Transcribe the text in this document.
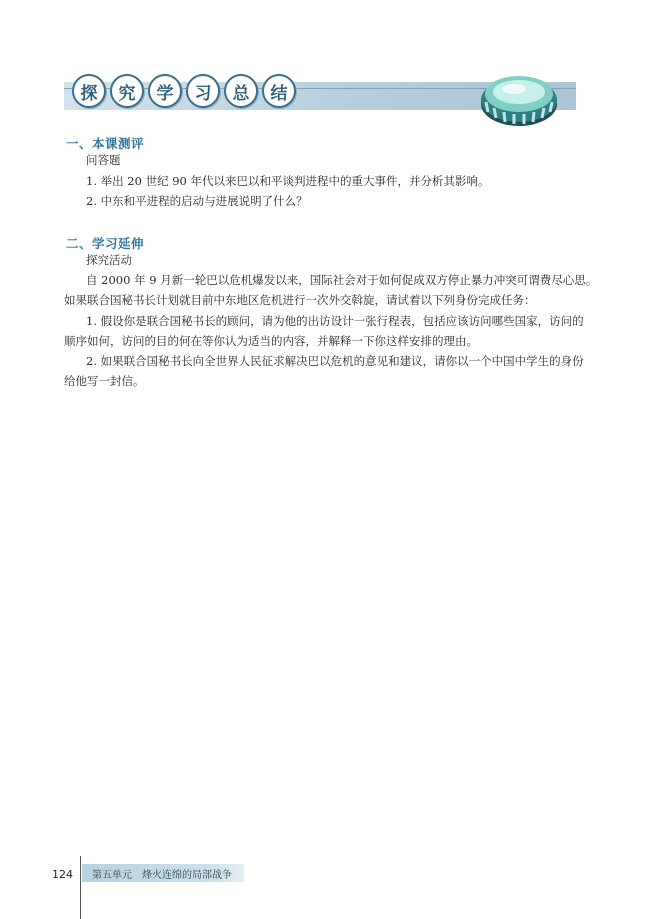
探	究	学	习	总	结
一、本课测评
问答题
1. 举出 20 世纪 90 年代以来巴以和平谈判进程中的重大事件，并分析其影响。
2. 中东和平进程的启动与进展说明了什么？
二、学习延伸
探究活动
自 2000 年 9 月新一轮巴以危机爆发以来，国际社会对于如何促成双方停止暴力冲突可谓费尽心思。
如果联合国秘书长计划就目前中东地区危机进行一次外交斡旋，请试着以下列身份完成任务：
1. 假设你是联合国秘书长的顾问，请为他的出访设计一张行程表，包括应该访问哪些国家，访问的
顺序如何，访问的目的何在等你认为适当的内容，并解释一下你这样安排的理由。
2. 如果联合国秘书长向全世界人民征求解决巴以危机的意见和建议，请你以一个中国中学生的身份
给他写一封信。
124 第五单元　烽火连绵的局部战争
